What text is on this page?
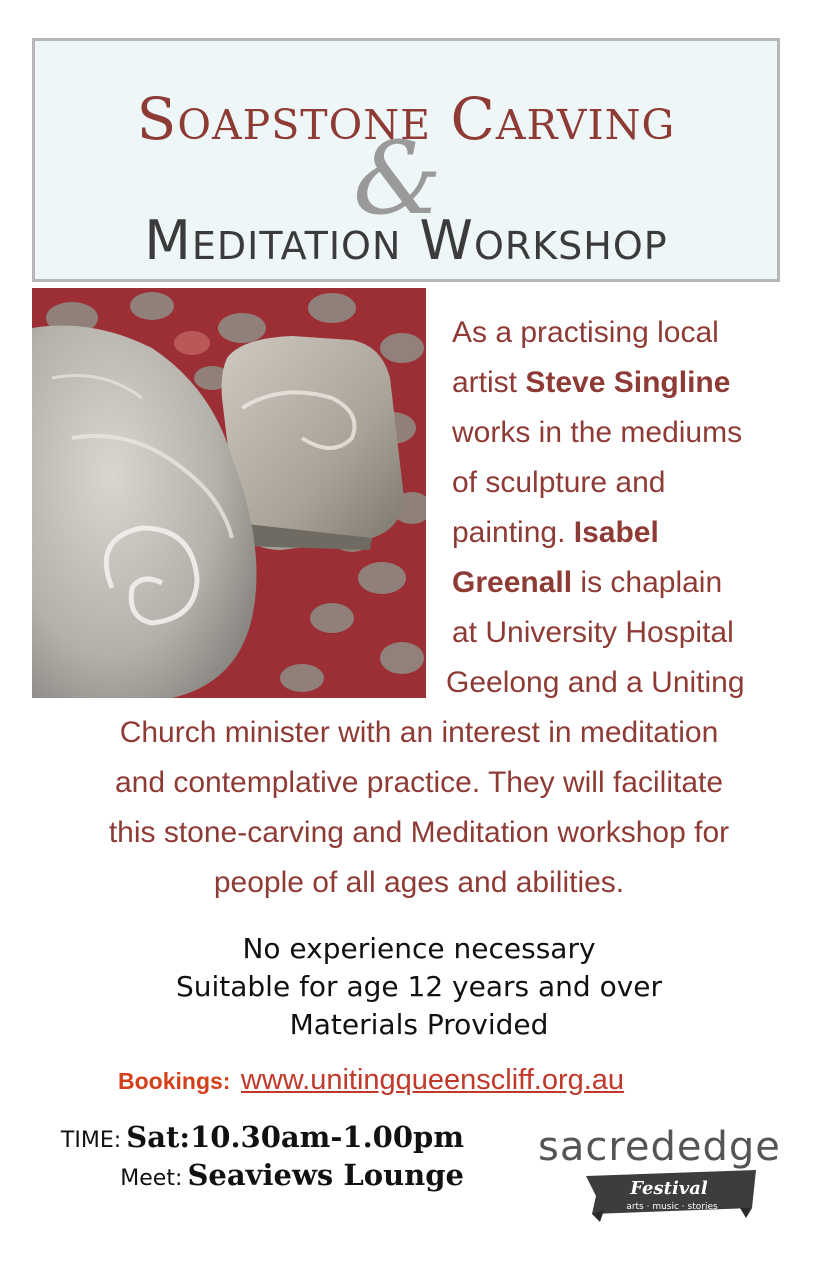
Soapstone Carving
&
Meditation Workshop
As a practising local
artist Steve Singline
works in the mediums
of sculpture and
painting. Isabel
Greenall is chaplain
at University Hospital
Geelong and a Uniting
Church minister with an interest in meditation
and contemplative practice. They will facilitate
this stone-carving and Meditation workshop for
people of all ages and abilities.
No experience necessary
Suitable for age 12 years and over
Materials Provided
Bookings: www.unitingqueenscliff.org.au
TIME: Sat:10.30am-1.00pm
Meet: Seaviews Lounge
sacrededge
Festival
arts · music · stories
